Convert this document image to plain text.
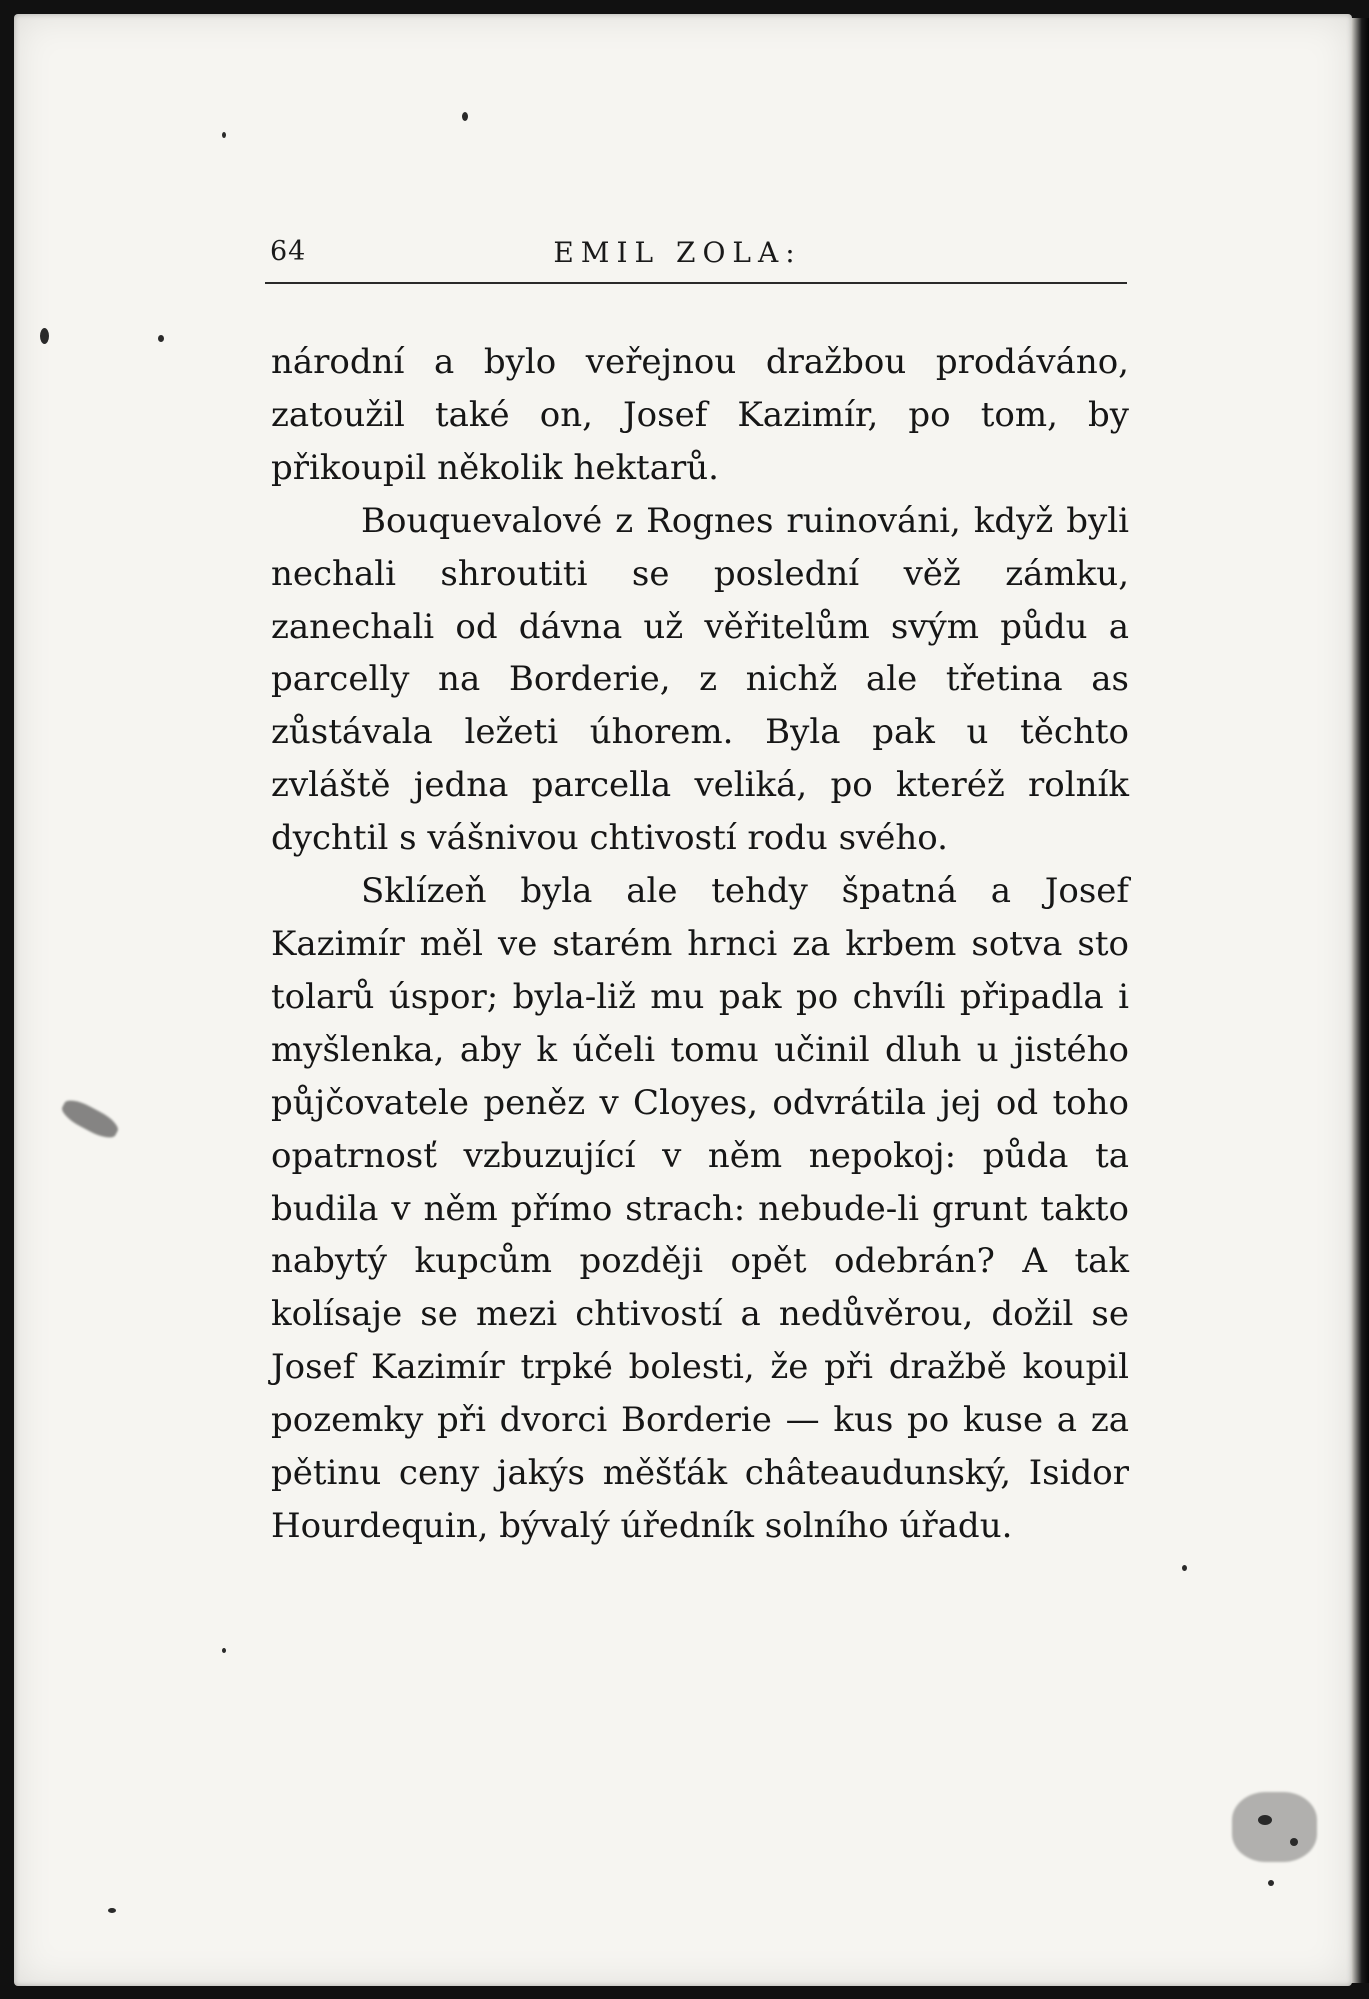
64	EMIL ZOLA:

národní a bylo veřejnou dražbou prodáváno, zatoužil také on, Josef Kazimír, po tom, by přikoupil několik hektarů.

Bouquevalové z Rognes ruinováni, když byli nechali shroutiti se poslední věž zámku, zanechali od dávna už věřitelům svým půdu a parcelly na Borderie, z nichž ale třetina as zůstávala ležeti úhorem. Byla pak u těchto zvláště jedna parcella veliká, po kteréž rolník dychtil s vášnivou chtivostí rodu svého.

Sklízeň byla ale tehdy špatná a Josef Kazimír měl ve starém hrnci za krbem sotva sto tolarů úspor; byla-liž mu pak po chvíli připadla i myšlenka, aby k účeli tomu učinil dluh u jistého půjčovatele peněz v Cloyes, odvrátila jej od toho opatrnosť vzbuzující v něm nepokoj: půda ta budila v něm přímo strach: nebude-li grunt takto nabytý kupcům později opět odebrán? A tak kolísaje se mezi chtivostí a nedůvěrou, dožil se Josef Kazimír trpké bolesti, že při dražbě koupil pozemky při dvorci Borderie — kus po kuse a za pětinu ceny jakýs měšťák châteaudunský, Isidor Hourdequin, bývalý úředník solního úřadu.
